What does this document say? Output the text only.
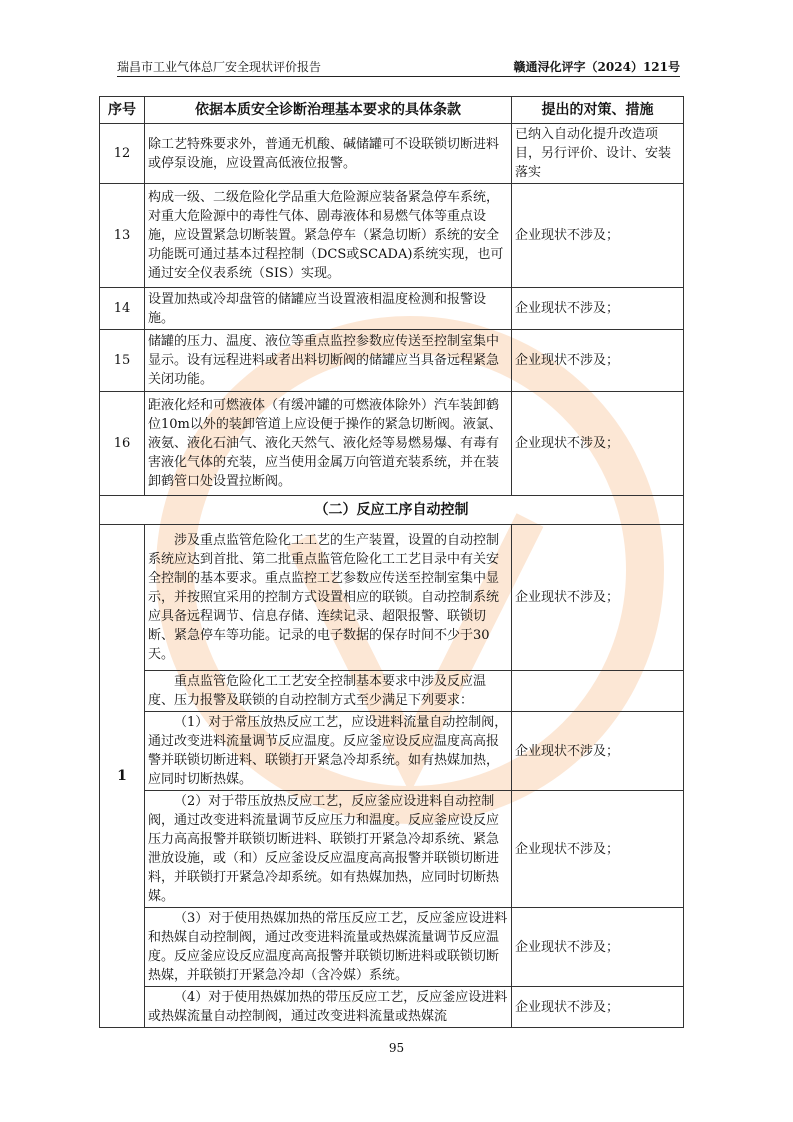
瑞昌市工业气体总厂安全现状评价报告	赣通浔化评字（2024）121号
序号	依据本质安全诊断治理基本要求的具体条款	提出的对策、措施
12	除工艺特殊要求外，普通无机酸、碱储罐可不设联锁切断进料或停泵设施，应设置高低液位报警。	已纳入自动化提升改造项目，另行评价、设计、安装落实
13	构成一级、二级危险化学品重大危险源应装备紧急停车系统，对重大危险源中的毒性气体、剧毒液体和易燃气体等重点设施，应设置紧急切断装置。紧急停车（紧急切断）系统的安全功能既可通过基本过程控制（DCS或SCADA)系统实现，也可通过安全仪表系统（SIS）实现。	企业现状不涉及；
14	设置加热或冷却盘管的储罐应当设置液相温度检测和报警设施。	企业现状不涉及；
15	储罐的压力、温度、液位等重点监控参数应传送至控制室集中显示。设有远程进料或者出料切断阀的储罐应当具备远程紧急关闭功能。	企业现状不涉及；
16	距液化烃和可燃液体（有缓冲罐的可燃液体除外）汽车装卸鹤位10m以外的装卸管道上应设便于操作的紧急切断阀。液氯、液氨、液化石油气、液化天然气、液化烃等易燃易爆、有毒有害液化气体的充装，应当使用金属万向管道充装系统，并在装卸鹤管口处设置拉断阀。	企业现状不涉及；
（二）反应工序自动控制		
1	涉及重点监管危险化工工艺的生产装置，设置的自动控制系统应达到首批、第二批重点监管危险化工工艺目录中有关安全控制的基本要求。重点监控工艺参数应传送至控制室集中显示，并按照宜采用的控制方式设置相应的联锁。自动控制系统应具备远程调节、信息存储、连续记录、超限报警、联锁切断、紧急停车等功能。记录的电子数据的保存时间不少于30天。	企业现状不涉及；
	重点监管危险化工工艺安全控制基本要求中涉及反应温度、压力报警及联锁的自动控制方式至少满足下列要求：	
	（1）对于常压放热反应工艺，应设进料流量自动控制阀，通过改变进料流量调节反应温度。反应釜应设反应温度高高报警并联锁切断进料、联锁打开紧急冷却系统。如有热媒加热，应同时切断热媒。	企业现状不涉及；
	（2）对于带压放热反应工艺，反应釜应设进料自动控制阀，通过改变进料流量调节反应压力和温度。反应釜应设反应压力高高报警并联锁切断进料、联锁打开紧急冷却系统、紧急泄放设施，或（和）反应釜设反应温度高高报警并联锁切断进料，并联锁打开紧急冷却系统。如有热媒加热，应同时切断热媒。	企业现状不涉及；
	（3）对于使用热媒加热的常压反应工艺，反应釜应设进料和热媒自动控制阀，通过改变进料流量或热媒流量调节反应温度。反应釜应设反应温度高高报警并联锁切断进料或联锁切断热媒，并联锁打开紧急冷却（含冷媒）系统。	企业现状不涉及；
	（4）对于使用热媒加热的带压反应工艺，反应釜应设进料或热媒流量自动控制阀，通过改变进料流量或热媒流	企业现状不涉及；
95
